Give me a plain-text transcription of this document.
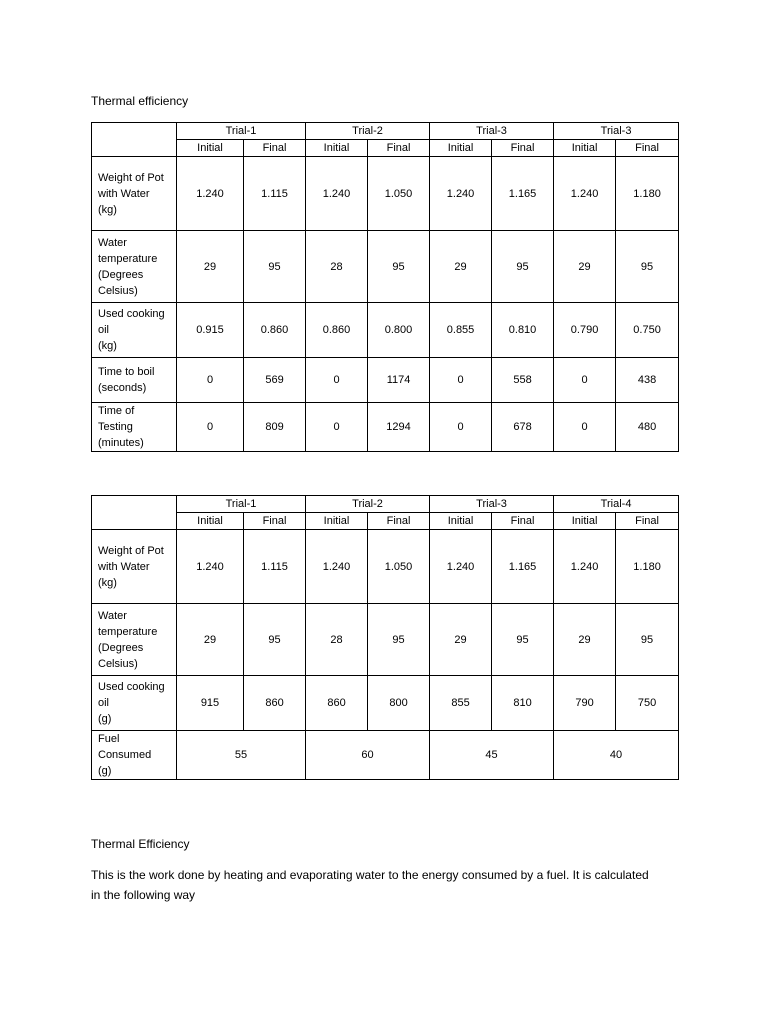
Thermal efficiency
	Trial-1		Trial-2		Trial-3		Trial-3	
	Initial	Final	Initial	Final	Initial	Final	Initial	Final

Weight of Pot
with Water
(kg)	1.240	1.115	1.240	1.050	1.240	1.165	1.240	1.180

Water
temperature
(Degrees
Celsius)	29	95	28	95	29	95	29	95

Used cooking
oil
(kg)	0.915	0.860	0.860	0.800	0.855	0.810	0.790	0.750

Time to boil
(seconds)	0	569	0	1174	0	558	0	438

Time of
Testing
(minutes)	0	809	0	1294	0	678	0	480
	Trial-1		Trial-2		Trial-3		Trial-4	
	Initial	Final	Initial	Final	Initial	Final	Initial	Final

Weight of Pot
with Water
(kg)	1.240	1.115	1.240	1.050	1.240	1.165	1.240	1.180

Water
temperature
(Degrees
Celsius)	29	95	28	95	29	95	29	95

Used cooking
oil
(g)	915	860	860	800	855	810	790	750

Fuel
Consumed
(g)	55		60		45		40	
Thermal Efficiency
This is the work done by heating and evaporating water to the energy consumed by a fuel. It is calculated in the following way
